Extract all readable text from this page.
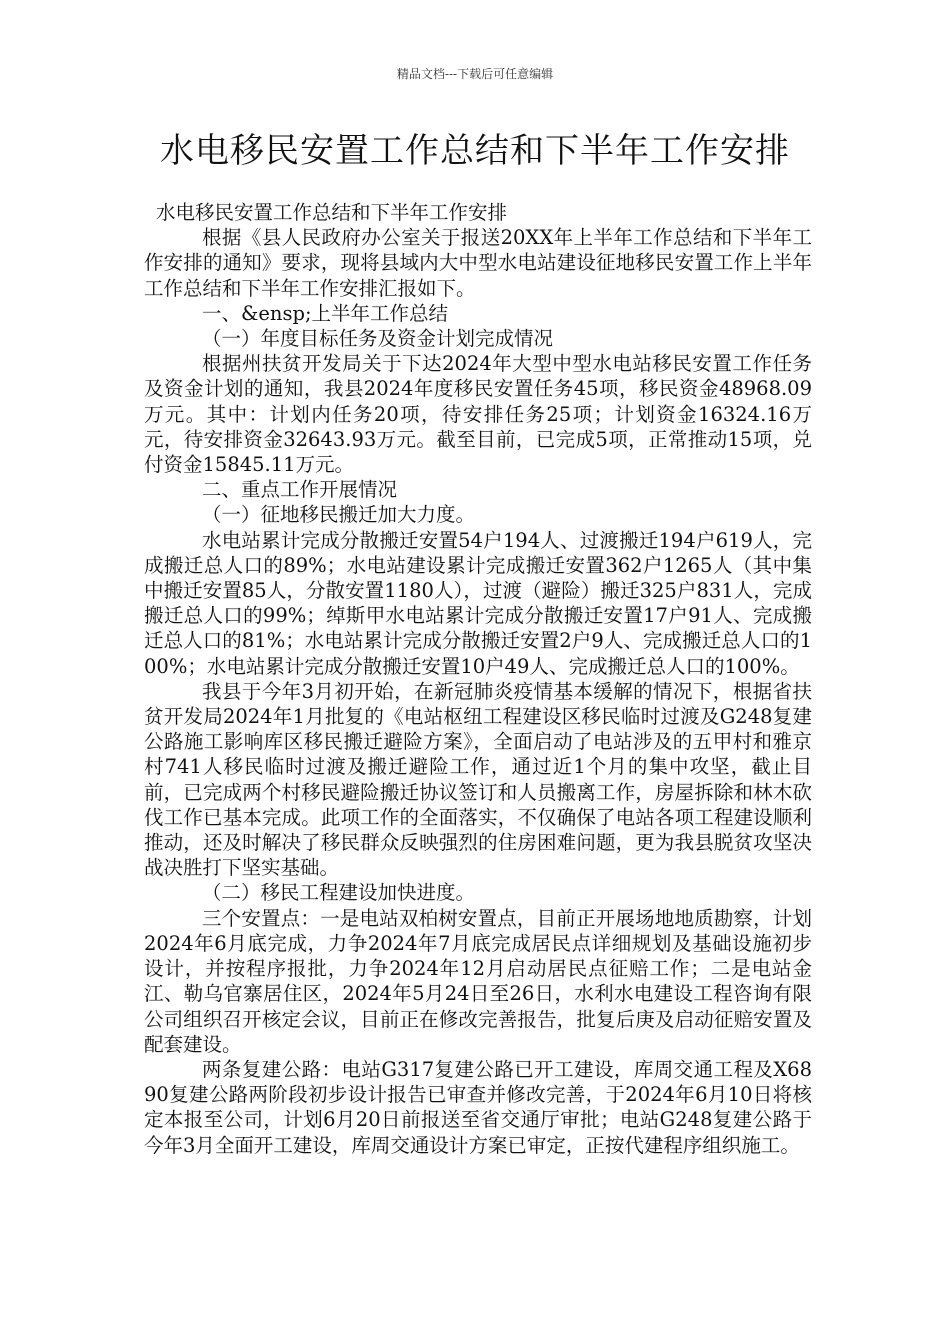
精品文档---下载后可任意编辑
水电移民安置工作总结和下半年工作安排

水电移民安置工作总结和下半年工作安排

根据《县人民政府办公室关于报送20XX年上半年工作总结和下半年工作安排的通知》要求，现将县域内大中型水电站建设征地移民安置工作上半年工作总结和下半年工作安排汇报如下。

一、&ensp;上半年工作总结

（一）年度目标任务及资金计划完成情况

根据州扶贫开发局关于下达2024年大型中型水电站移民安置工作任务及资金计划的通知，我县2024年度移民安置任务45项，移民资金48968.09万元。其中：计划内任务20项，待安排任务25项；计划资金16324.16万元，待安排资金32643.93万元。截至目前，已完成5项，正常推动15项，兑付资金15845.11万元。

二、重点工作开展情况

（一）征地移民搬迁加大力度。

水电站累计完成分散搬迁安置54户194人、过渡搬迁194户619人，完成搬迁总人口的89%；水电站建设累计完成搬迁安置362户1265人（其中集中搬迁安置85人，分散安置1180人），过渡（避险）搬迁325户831人，完成搬迁总人口的99%；绰斯甲水电站累计完成分散搬迁安置17户91人、完成搬迁总人口的81%；水电站累计完成分散搬迁安置2户9人、完成搬迁总人口的100%；水电站累计完成分散搬迁安置10户49人、完成搬迁总人口的100%。

我县于今年3月初开始，在新冠肺炎疫情基本缓解的情况下，根据省扶贫开发局2024年1月批复的《电站枢纽工程建设区移民临时过渡及G248复建公路施工影响库区移民搬迁避险方案》，全面启动了电站涉及的五甲村和雅京村741人移民临时过渡及搬迁避险工作，通过近1个月的集中攻坚，截止目前，已完成两个村移民避险搬迁协议签订和人员搬离工作，房屋拆除和林木砍伐工作已基本完成。此项工作的全面落实，不仅确保了电站各项工程建设顺利推动，还及时解决了移民群众反映强烈的住房困难问题，更为我县脱贫攻坚决战决胜打下坚实基础。

（二）移民工程建设加快进度。

三个安置点：一是电站双柏树安置点，目前正开展场地地质勘察，计划2024年6月底完成，力争2024年7月底完成居民点详细规划及基础设施初步设计，并按程序报批，力争2024年12月启动居民点征赔工作；二是电站金江、勒乌官寨居住区，2024年5月24日至26日，水利水电建设工程咨询有限公司组织召开核定会议，目前正在修改完善报告，批复后庚及启动征赔安置及配套建设。

两条复建公路：电站G317复建公路已开工建设，库周交通工程及X6890复建公路两阶段初步设计报告已审查并修改完善，于2024年6月10日将核定本报至公司，计划6月20日前报送至省交通厅审批；电站G248复建公路于今年3月全面开工建设，库周交通设计方案已审定，正按代建程序组织施工。
